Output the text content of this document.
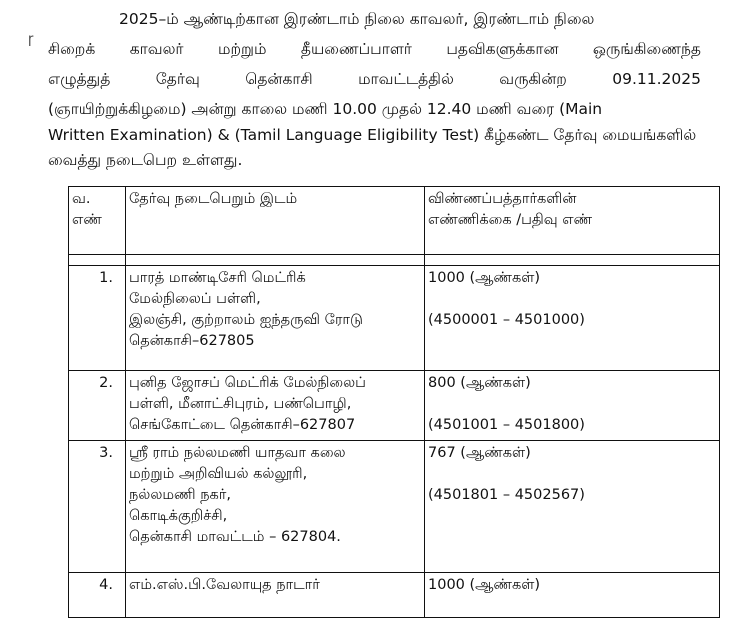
2025–ம் ஆண்டிற்கான இரண்டாம் நிலை காவலர், இரண்டாம் நிலை

ɼ

சிறைக் காவலர் மற்றும் தீயணைப்பாளர் பதவிகளுக்கான ஒருங்கிணைந்த

எழுத்துத் தேர்வு தென்காசி மாவட்டத்தில் வருகின்ற 09.11.2025

(ஞாயிற்றுக்கிழமை) அன்று காலை மணி 10.00 முதல் 12.40 மணி வரை (Main

Written Examination) & (Tamil Language Eligibility Test) கீழ்கண்ட தேர்வு மையங்களில்

வைத்து நடைபெற உள்ளது.

வ.
எண்	தேர்வு நடைபெறும் இடம்	விண்ணப்பத்தார்களின்
எண்ணிக்கை /பதிவு எண்

1.	பாரத் மாண்டிசேரி மெட்ரிக்
மேல்நிலைப் பள்ளி,
இலஞ்சி, குற்றாலம் ஐந்தருவி ரோடு
தென்காசி–627805	1000 (ஆண்கள்)
(4500001 – 4501000)

2.	புனித ஜோசப் மெட்ரிக் மேல்நிலைப்
பள்ளி, மீனாட்சிபுரம், பண்பொழி,
செங்கோட்டை தென்காசி–627807	800 (ஆண்கள்)
(4501001 – 4501800)

3.	ஸ்ரீ ராம் நல்லமணி யாதவா கலை
மற்றும் அறிவியல் கல்லூரி,
நல்லமணி நகர்,
கொடிக்குறிச்சி,
தென்காசி மாவட்டம் – 627804.	767 (ஆண்கள்)
(4501801 – 4502567)

4.	எம்.எஸ்.பி.வேலாயுத நாடார்	1000 (ஆண்கள்)
